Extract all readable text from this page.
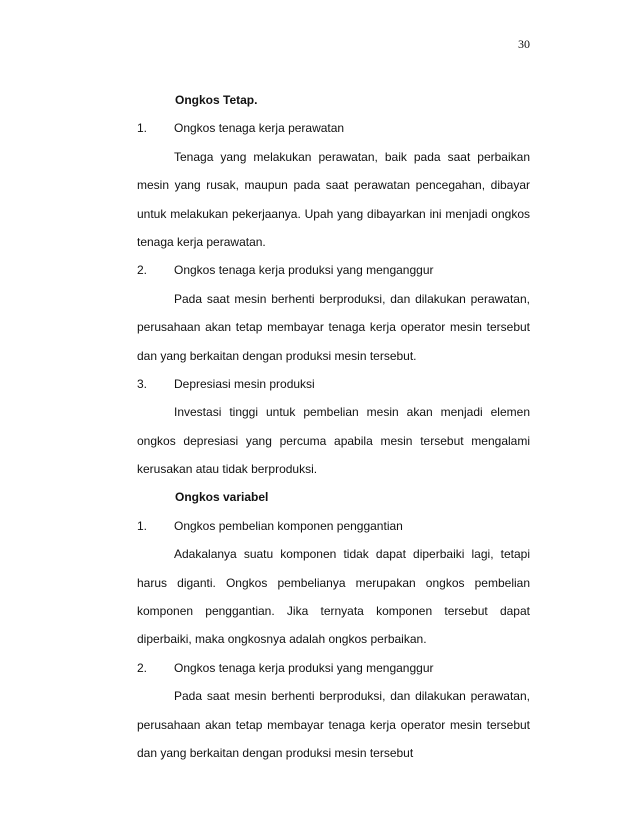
30
Ongkos Tetap.
1.	Ongkos tenaga kerja perawatan
Tenaga yang melakukan perawatan, baik pada saat perbaikan
mesin yang rusak, maupun pada saat perawatan pencegahan, dibayar
untuk melakukan pekerjaanya. Upah yang dibayarkan ini menjadi ongkos
tenaga kerja perawatan.
2.	Ongkos tenaga kerja produksi yang menganggur
Pada saat mesin berhenti berproduksi, dan dilakukan perawatan,
perusahaan akan tetap membayar tenaga kerja operator mesin tersebut
dan yang berkaitan dengan produksi mesin tersebut.
3.	Depresiasi mesin produksi
Investasi tinggi untuk pembelian mesin akan menjadi elemen
ongkos depresiasi yang percuma apabila mesin tersebut mengalami
kerusakan atau tidak berproduksi.
Ongkos variabel
1.	Ongkos pembelian komponen penggantian
Adakalanya suatu komponen tidak dapat diperbaiki lagi, tetapi
harus diganti. Ongkos pembelianya merupakan ongkos pembelian
komponen penggantian. Jika ternyata komponen tersebut dapat
diperbaiki, maka ongkosnya adalah ongkos perbaikan.
2.	Ongkos tenaga kerja produksi yang menganggur
Pada saat mesin berhenti berproduksi, dan dilakukan perawatan,
perusahaan akan tetap membayar tenaga kerja operator mesin tersebut
dan yang berkaitan dengan produksi mesin tersebut
